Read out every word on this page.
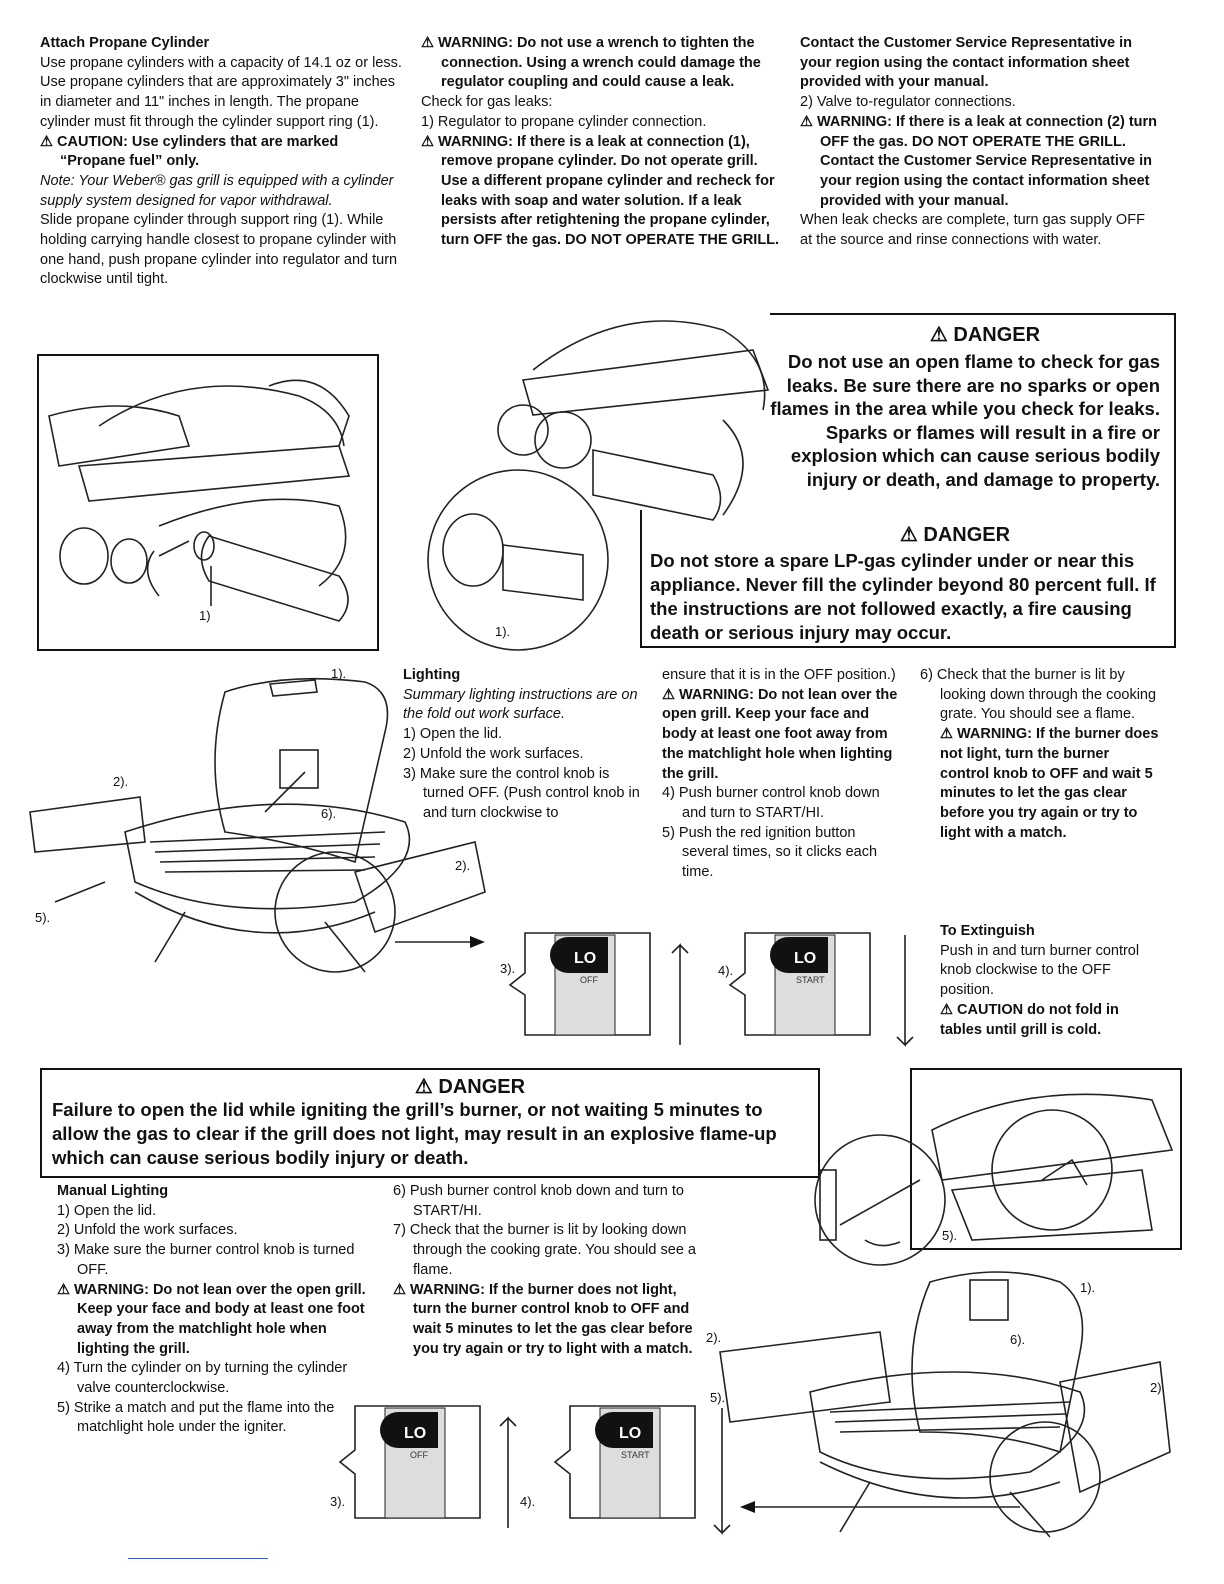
Attach Propane Cylinder

Use propane cylinders with a capacity of 14.1 oz or less. Use propane cylinders that are approximately 3" inches in diameter and 11" inches in length. The propane cylinder must fit through the cylinder support ring (1).

⚠ CAUTION: Use cylinders that are marked “Propane fuel” only.

Note: Your Weber® gas grill is equipped with a cylinder supply system designed for vapor withdrawal.

Slide propane cylinder through support ring (1). While holding carrying handle closest to propane cylinder with one hand, push propane cylinder into regulator and turn clockwise until tight.

⚠ WARNING: Do not use a wrench to tighten the connection. Using a wrench could damage the regulator coupling and could cause a leak.

Check for gas leaks:

1) Regulator to propane cylinder connection.

⚠ WARNING: If there is a leak at connection (1), remove propane cylinder. Do not operate grill. Use a different propane cylinder and recheck for leaks with soap and water solution. If a leak persists after retightening the propane cylinder, turn OFF the gas. DO NOT OPERATE THE GRILL.

Contact the Customer Service Representative in your region using the contact information sheet provided with your manual.

2) Valve to-regulator connections.

⚠ WARNING: If there is a leak at connection (2) turn OFF the gas. DO NOT OPERATE THE GRILL. Contact the Customer Service Representative in your region using the contact information sheet provided with your manual.

When leak checks are complete, turn gas supply OFF at the source and rinse connections with water.

1)
1).
⚠ DANGER
Do not use an open flame to check for gas leaks. Be sure there are no sparks or open flames in the area while you check for leaks. Sparks or flames will result in a fire or explosion which can cause serious bodily injury or death, and damage to property.
⚠ DANGER
Do not store a spare LP-gas cylinder under or near this appliance. Never fill the cylinder beyond 80 percent full. If the instructions are not followed exactly, a fire causing death or serious injury may occur.
1).
2).
6).
2).
5).

Lighting

Summary lighting instructions are on the fold out work surface.

1) Open the lid.

2) Unfold the work surfaces.

3) Make sure the control knob is turned OFF. (Push control knob in and turn clockwise to

ensure that it is in the OFF position.)

⚠ WARNING: Do not lean over the open grill. Keep your face and body at least one foot away from the matchlight hole when lighting the grill.

4) Push burner control knob down and turn to START/HI.

5) Push the red ignition button several times, so it clicks each time.

6) Check that the burner is lit by looking down through the cooking grate. You should see a flame.

⚠ WARNING: If the burner does not light, turn the burner control knob to OFF and wait 5 minutes to let the gas clear before you try again or try to light with a match.

To Extinguish

Push in and turn burner control knob clockwise to the OFF position.

⚠ CAUTION do not fold in tables until grill is cold.

LO
OFF
3).
LO
START
4).
⚠ DANGER
Failure to open the lid while igniting the grill’s burner, or not waiting 5 minutes to allow the gas to clear if the grill does not light, may result in an explosive flame-up which can cause serious bodily injury or death.
5).
1).
2).	6).
2).
5).

Manual Lighting

1) Open the lid.

2) Unfold the work surfaces.

3) Make sure the burner control knob is turned OFF.

⚠ WARNING: Do not lean over the open grill. Keep your face and body at least one foot away from the matchlight hole when lighting the grill.

4) Turn the cylinder on by turning the cylinder valve counterclockwise.

5) Strike a match and put the flame into the matchlight hole under the igniter.

6) Push burner control knob down and turn to START/HI.

7) Check that the burner is lit by looking down through the cooking grate. You should see a flame.

⚠ WARNING: If the burner does not light, turn the burner control knob to OFF and wait 5 minutes to let the gas clear before you try again or try to light with a match.

LO
OFF
3).
LO
START
4).
